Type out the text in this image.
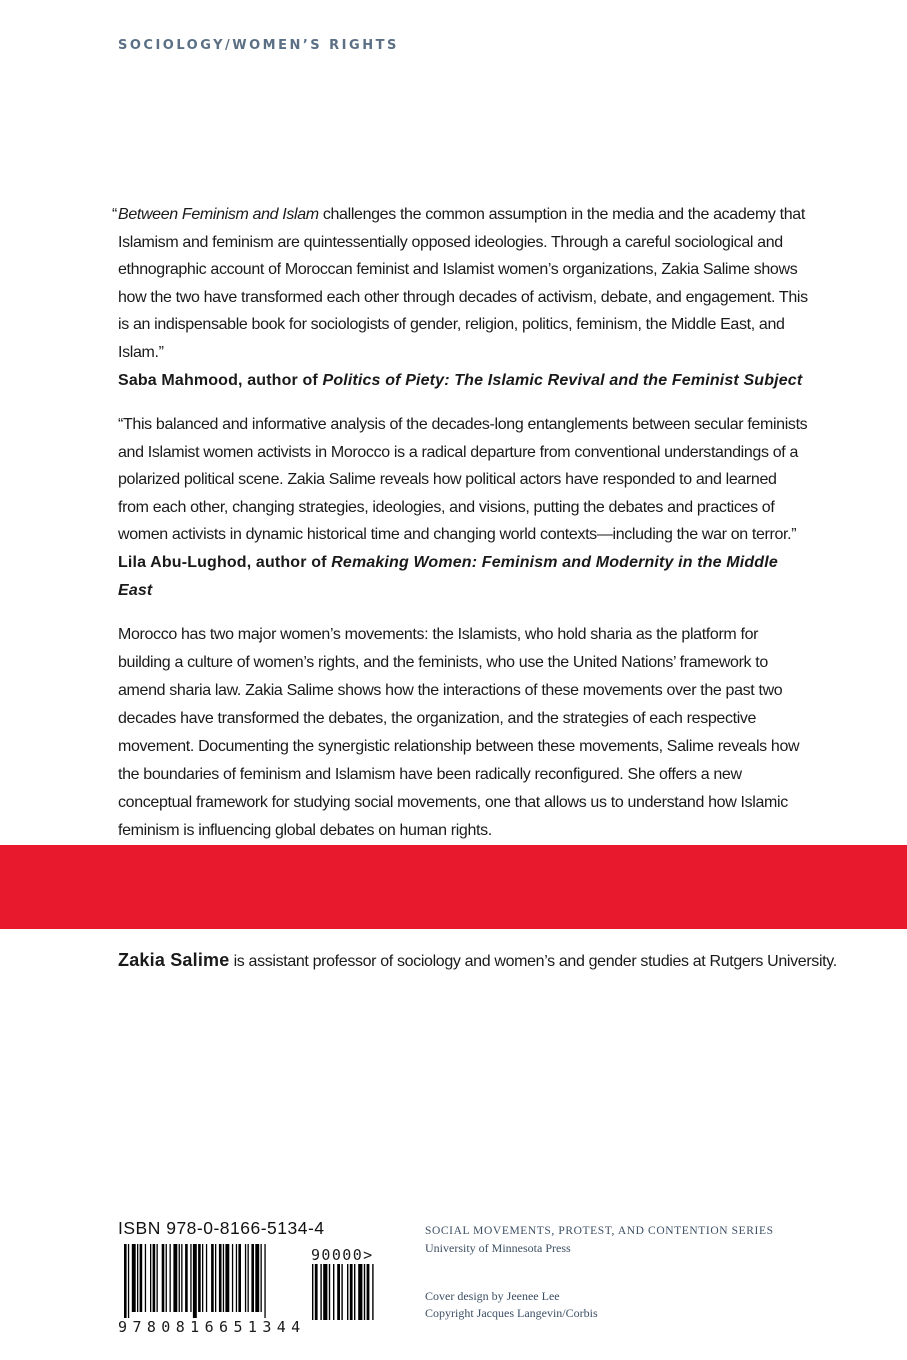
SOCIOLOGY/WOMEN’S RIGHTS

“ Between Feminism and Islam challenges the common assumption in the media and the academy that Islamism and feminism are quintessentially opposed ideologies. Through a careful sociological and ethnographic account of Moroccan feminist and Islamist women’s organizations, Zakia Salime shows how the two have transformed each other through decades of activism, debate, and engagement. This is an indispensable book for sociologists of gender, religion, politics, feminism, the Middle East, and Islam.”
Saba Mahmood, author of Politics of Piety: The Islamic Revival and the Feminist Subject

“This balanced and informative analysis of the decades-long entanglements between secular feminists and Islamist women activists in Morocco is a radical departure from conventional understandings of a polarized political scene. Zakia Salime reveals how political actors have responded to and learned from each other, changing strategies, ideologies, and visions, putting the debates and practices of women activists in dynamic historical time and changing world contexts—including the war on terror.”
Lila Abu-Lughod, author of Remaking Women: Feminism and Modernity in the Middle East

Morocco has two major women’s movements: the Islamists, who hold sharia as the platform for building a culture of women’s rights, and the feminists, who use the United Nations’ framework to amend sharia law. Zakia Salime shows how the interactions of these movements over the past two decades have transformed the debates, the organization, and the strategies of each respective movement. Documenting the synergistic relationship between these movements, Salime reveals how the boundaries of feminism and Islamism have been radically reconfigured. She offers a new conceptual framework for studying social movements, one that allows us to understand how Islamic feminism is influencing global debates on human rights.

Zakia Salime is assistant professor of sociology and women’s and gender studies at Rutgers University.

ISBN 978-0-8166-5134-4
90000>
9780816651344
SOCIAL MOVEMENTS, PROTEST, AND CONTENTION SERIES
University of Minnesota Press
Cover design by Jeenee Lee
Copyright Jacques Langevin/Corbis
